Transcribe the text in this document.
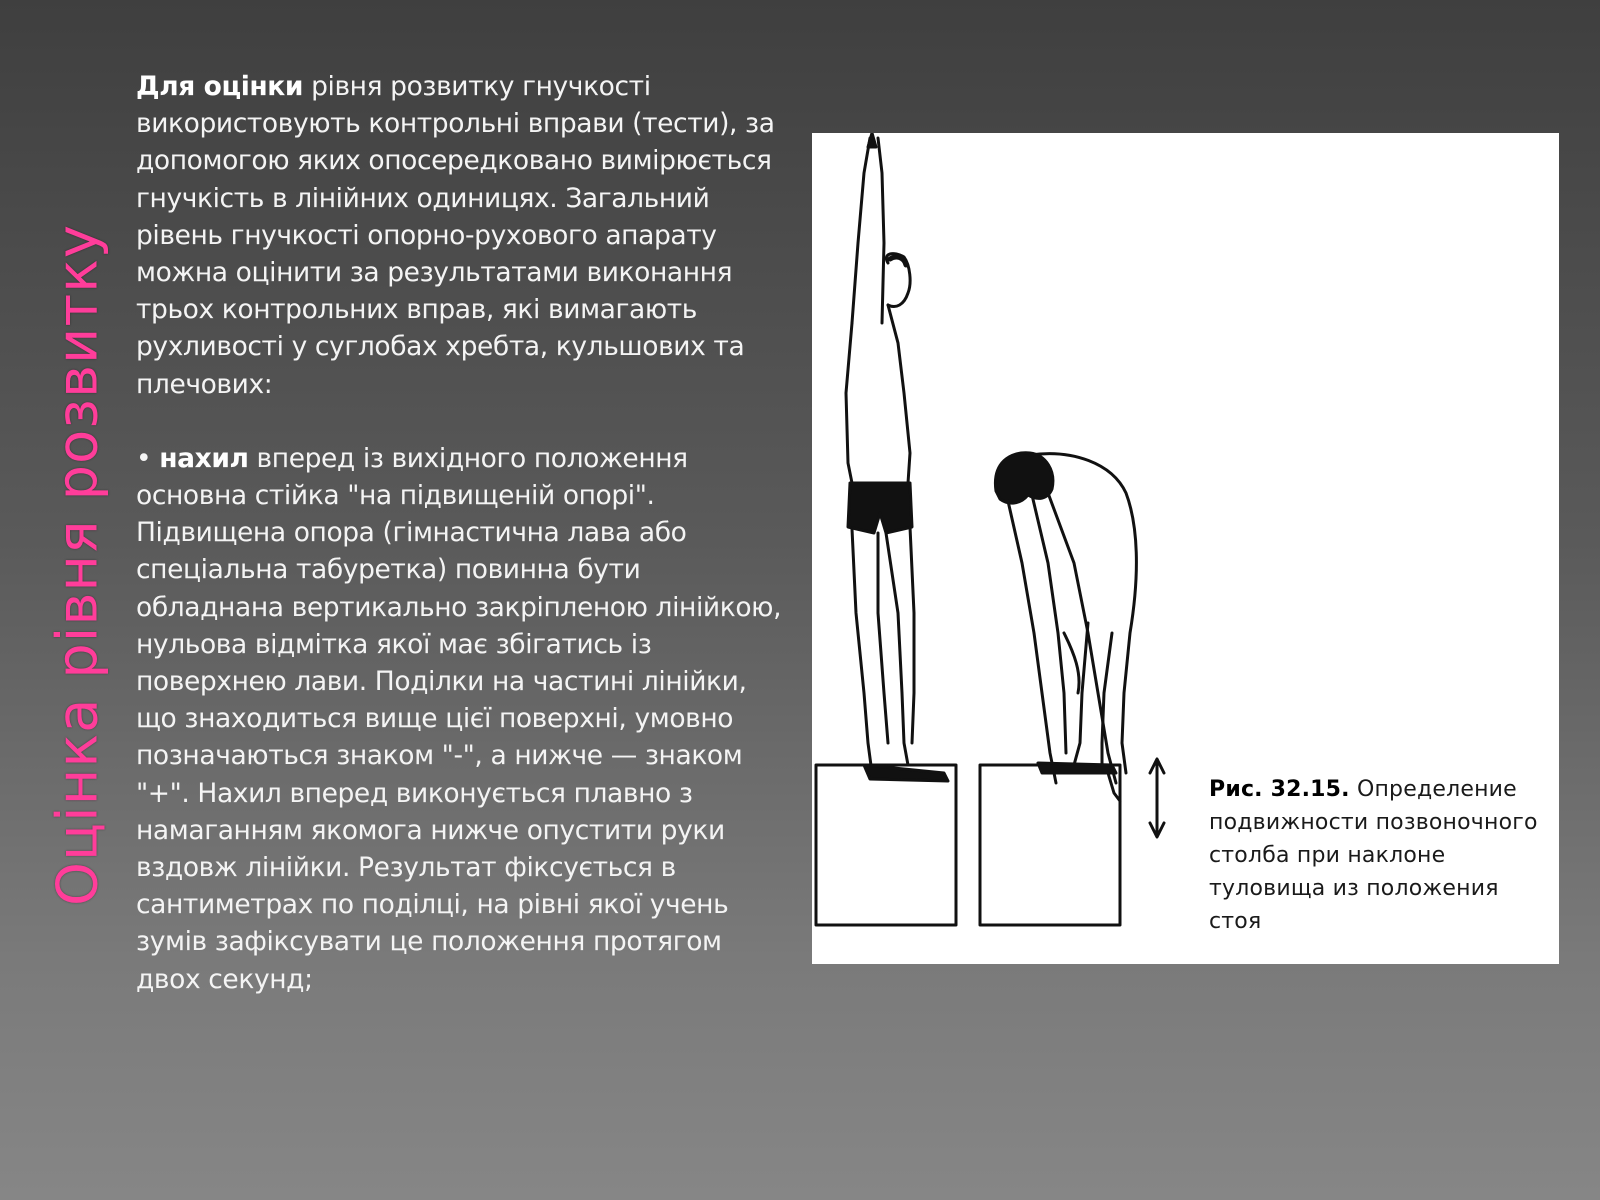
Оцінка рівня розвитку

Для оцінки рівня розвитку гнучкості використовують контрольні вправи (тести), за допомогою яких опосередковано вимірюється гнучкість в лінійних одиницях. Загальний рівень гнучкості опорно-рухового апарату можна оцінити за результатами виконання трьох контрольних вправ, які вимагають рухливості у суглобах хребта, кульшових та плечових:

• нахил вперед із вихідного положення основна стійка "на підвищеній опорі". Підвищена опора (гімнастична лава або спеціальна табуретка) повинна бути обладнана вертикально закріпленою лінійкою, нульова відмітка якої має збігатись із поверхнею лави. Поділки на частині лінійки, що знаходиться вище цієї поверхні, умовно позначаються знаком "-", а нижче — знаком "+". Нахил вперед виконується плавно з намаганням якомога нижче опустити руки вздовж лінійки. Результат фіксується в сантиметрах по поділці, на рівні якої учень зумів зафіксувати це положення протягом двох секунд;

Рис. 32.15. Определение подвижности позвоночного столба при наклоне туловища из положения стоя
